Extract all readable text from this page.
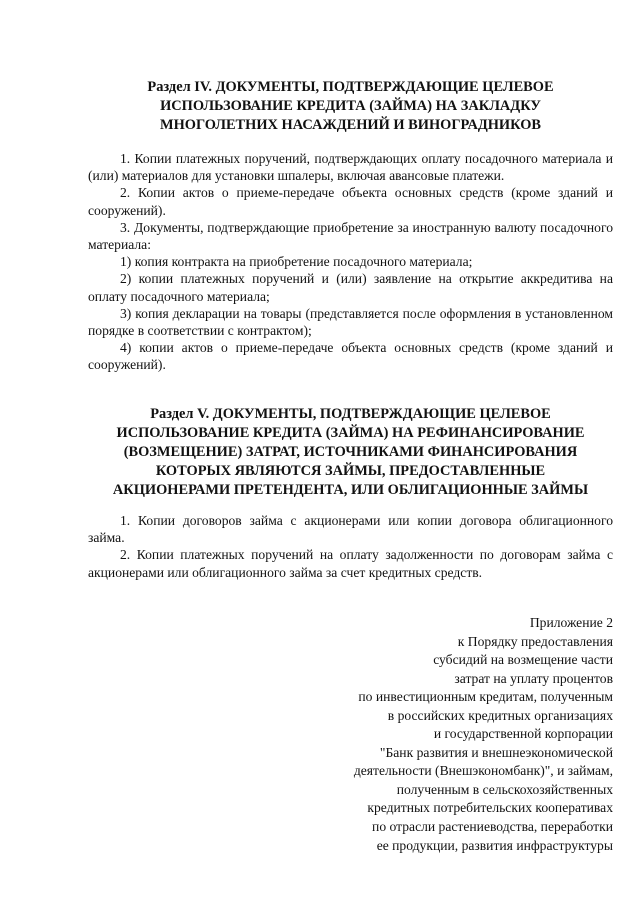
Раздел IV. ДОКУМЕНТЫ, ПОДТВЕРЖДАЮЩИЕ ЦЕЛЕВОЕ
ИСПОЛЬЗОВАНИЕ КРЕДИТА (ЗАЙМА) НА ЗАКЛАДКУ
МНОГОЛЕТНИХ НАСАЖДЕНИЙ И ВИНОГРАДНИКОВ

1. Копии платежных поручений, подтверждающих оплату посадочного материала и (или) материалов для установки шпалеры, включая авансовые платежи.

2. Копии актов о приеме-передаче объекта основных средств (кроме зданий и сооружений).

3. Документы, подтверждающие приобретение за иностранную валюту посадочного материала:

1) копия контракта на приобретение посадочного материала;

2) копии платежных поручений и (или) заявление на открытие аккредитива на оплату посадочного материала;

3) копия декларации на товары (представляется после оформления в установленном порядке в соответствии с контрактом);

4) копии актов о приеме-передаче объекта основных средств (кроме зданий и сооружений).

Раздел V. ДОКУМЕНТЫ, ПОДТВЕРЖДАЮЩИЕ ЦЕЛЕВОЕ
ИСПОЛЬЗОВАНИЕ КРЕДИТА (ЗАЙМА) НА РЕФИНАНСИРОВАНИЕ
(ВОЗМЕЩЕНИЕ) ЗАТРАТ, ИСТОЧНИКАМИ ФИНАНСИРОВАНИЯ
КОТОРЫХ ЯВЛЯЮТСЯ ЗАЙМЫ, ПРЕДОСТАВЛЕННЫЕ
АКЦИОНЕРАМИ ПРЕТЕНДЕНТА, ИЛИ ОБЛИГАЦИОННЫЕ ЗАЙМЫ

1. Копии договоров займа с акционерами или копии договора облигационного займа.

2. Копии платежных поручений на оплату задолженности по договорам займа с акционерами или облигационного займа за счет кредитных средств.

Приложение 2
к Порядку предоставления
субсидий на возмещение части
затрат на уплату процентов
по инвестиционным кредитам, полученным
в российских кредитных организациях
и государственной корпорации
"Банк развития и внешнеэкономической
деятельности (Внешэкономбанк)", и займам,
полученным в сельскохозяйственных
кредитных потребительских кооперативах
по отрасли растениеводства, переработки
ее продукции, развития инфраструктуры
